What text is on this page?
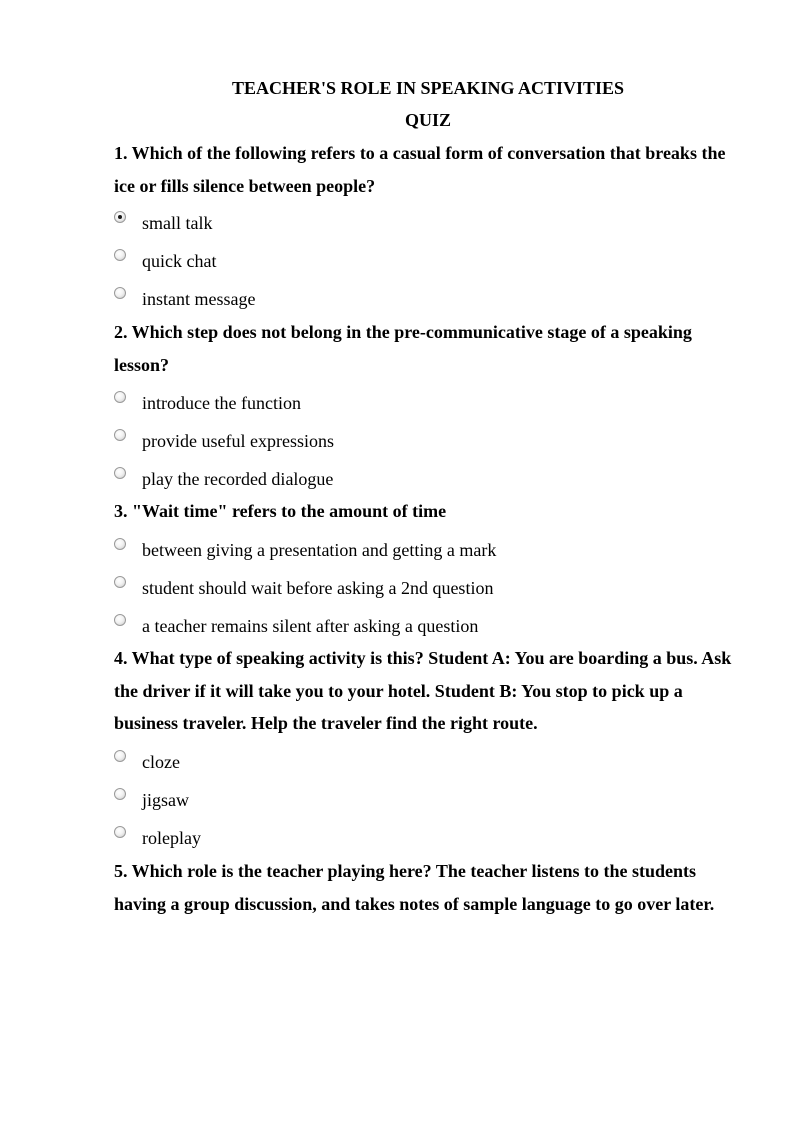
TEACHER'S ROLE IN SPEAKING ACTIVITIES
QUIZ
1. Which of the following refers to a casual form of conversation that breaks the ice or fills silence between people?
small talk
quick chat
instant message
2. Which step does not belong in the pre-communicative stage of a speaking lesson?
introduce the function
provide useful expressions
play the recorded dialogue
3. "Wait time" refers to the amount of time
between giving a presentation and getting a mark
student should wait before asking a 2nd question
a teacher remains silent after asking a question
4. What type of speaking activity is this? Student A: You are boarding a bus. Ask the driver if it will take you to your hotel. Student B: You stop to pick up a business traveler. Help the traveler find the right route.
cloze
jigsaw
roleplay
5. Which role is the teacher playing here? The teacher listens to the students having a group discussion, and takes notes of sample language to go over later.
